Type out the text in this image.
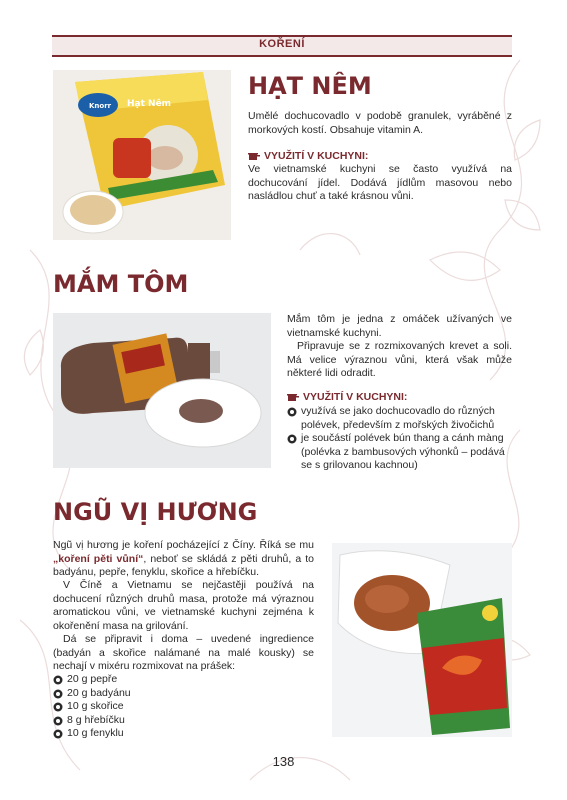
KOŘENÍ
Hạt Nêm
Knorr
HẠT NÊM

Umělé dochucovadlo v podobě granulek, vyráběné z morkových kostí. Obsahuje vitamin A.

VYUŽITÍ V KUCHYNI:

Ve vietnamské kuchyni se často využívá na dochucování jídel. Dodává jídlům masovou nebo nasládlou chuť a také krásnou vůni.

MẮM TÔM

Mắm tôm je jedna z omáček užívaných ve vietnamské kuchyni.

Připravuje se z rozmixovaných krevet a soli. Má velice výraznou vůni, která však může některé lidi odradit.

VYUŽITÍ V KUCHYNI:

využívá se jako dochucovadlo do různých polévek, především z mořských živočichů
je součástí polévek bún thang a cánh màng (polévka z bambusových výhonků – podává se s grilovanou kachnou)
NGŨ VỊ HƯƠNG

Ngũ vị hương je koření pocházející z Číny. Říká se mu „koření pěti vůní“, neboť se skládá z pěti druhů, a to badyánu, pepře, fenyklu, skořice a hřebíčku.

V Číně a Vietnamu se nejčastěji používá na dochucení různých druhů masa, protože má výraznou aromatickou vůni, ve vietnamské kuchyni zejména k okořenění masa na grilování.

Dá se připravit i doma – uvedené ingredience (badyán a skořice nalámané na malé kousky) se nechají v mixéru rozmixovat na prášek:

20 g pepře
20 g badyánu
10 g skořice
8 g hřebíčku
10 g fenyklu
138
